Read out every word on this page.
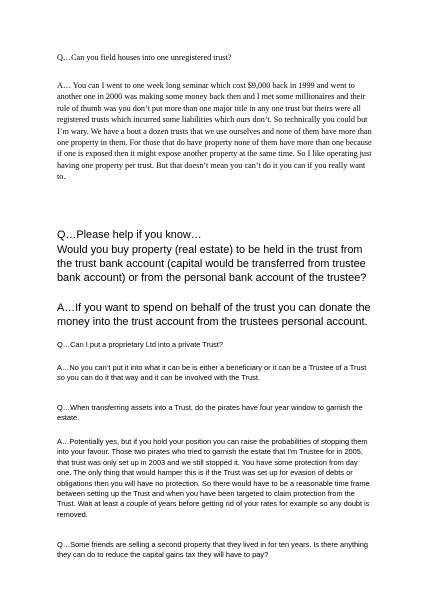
Q…Can you field houses into one unregistered trust?

A… You can I went to one week long seminar which cost $9,000 back in 1999 and went to another one in 2000 was making some money back then and I met some millionaires and their rule of thumb was you don’t put more than one major title in any one trust but theirs were all registered trusts which incurred some liabilities which ours don’t. So technically you could but I’m wary. We have a bout a dozen trusts that we use ourselves and none of them have more than one property in them. For those that do have property none of them have more than one because if one is exposed then it might expose another property at the same time. So I like operating just having one property per trust. But that doesn’t mean you can’t do it you can if you really want to.

Q…Please help if you know…

Would you buy property (real estate) to be held in the trust from the trust bank account (capital would be transferred from trustee bank account) or from the personal bank account of the trustee?

A…If you want to spend on behalf of the trust you can donate the money into the trust account from the trustees personal account.

Q…Can I put a proprietary Ltd into a private Trust?

A…No you can’t put it into what it can be is either a beneficiary or it can be a Trustee of a Trust so you can do it that way and it can be involved with the Trust.

Q…When transferring assets into a Trust, do the pirates have four year window to garnish the estate.

A…Potentially yes, but if you hold your position you can raise the probabilities of stopping them into your favour. Those two pirates who tried to garnish the estate that I’m Trustee for in 2005, that trust was only set up in 2003 and we still stopped it. You have some protection from day one. The only thing that would hamper this is if the Trust was set up for evasion of debts or obligations then you will have no protection. So there would have to be a reasonable time frame between setting up the Trust and when you have been targeted to claim protection from the Trust. Wait at least a couple of years before getting rid of your rates for example so any doubt is removed.

Q…Some friends are selling a second property that they lived in for ten years. Is there anything they can do to reduce the capital gains tax they will have to pay?
